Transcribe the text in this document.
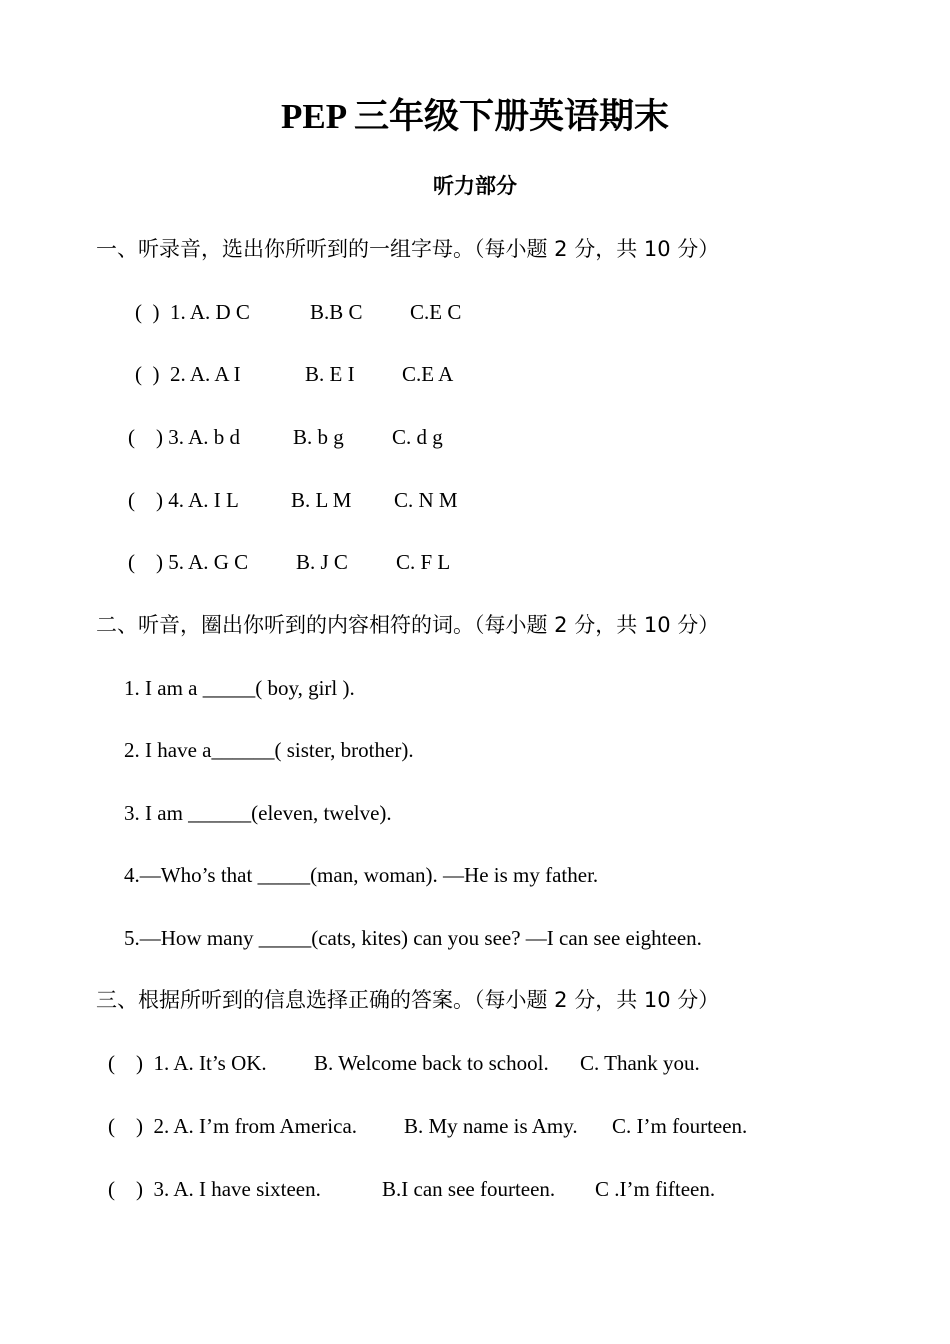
PEP 三年级下册英语期末
听力部分
一、听录音，选出你所听到的一组字母。（每小题 2 分，共 10 分）
(  )  1. A. D C	B.B C C.E C
(  )  2. A. A I	B. E I C.E A
(    ) 3. A. b d	B. b g C. d g
(    ) 4. A. I L B. L M C. N M
(    ) 5. A. G C B. J C C. F L
二、听音，圈出你听到的内容相符的词。（每小题 2 分，共 10 分）
1. I am a _____( boy, girl ).
2. I have a______( sister, brother).
3. I am ______(eleven, twelve).
4.—Who’s that _____(man, woman). —He is my father.
5.—How many _____(cats, kites) can you see? —I can see eighteen.
三、根据所听到的信息选择正确的答案。（每小题 2 分，共 10 分）
(    )  1. A. It’s OK. B. Welcome back to school. C. Thank you.
(    )  2. A. I’m from America. B. My name is Amy. C. I’m fourteen.
(    )  3. A. I have sixteen.	B.I can see fourteen. C .I’m fifteen.
